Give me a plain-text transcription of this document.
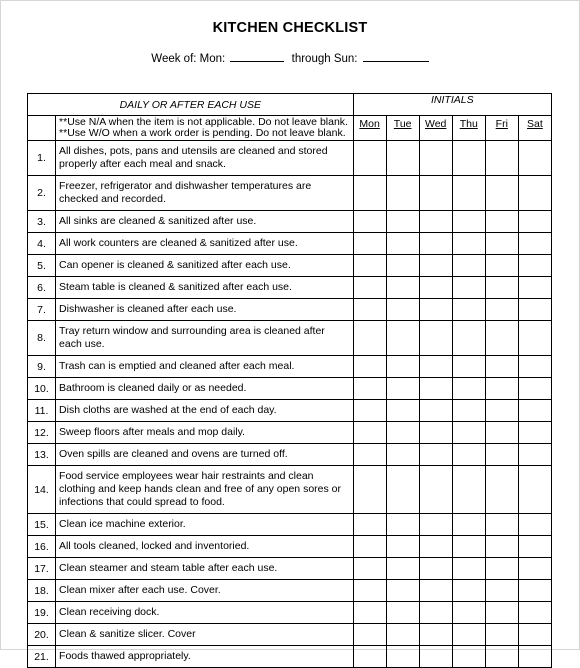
KITCHEN CHECKLIST
Week of: Mon:	through Sun:
DAILY OR AFTER EACH USE		INITIALS					

	**Use N/A when the item is not applicable. Do not leave blank.
**Use W/O when a work order is pending. Do not leave blank.	Mon	Tue	Wed	Thu	Fri	Sat
1.	All dishes, pots, pans and utensils are cleaned and stored properly after each meal and snack.						
2.	Freezer, refrigerator and dishwasher temperatures are checked and recorded.						
3.	All sinks are cleaned & sanitized after use.						
4.	All work counters are cleaned & sanitized after use.						
5.	Can opener is cleaned & sanitized after each use.						
6.	Steam table is cleaned & sanitized after each use.						
7.	Dishwasher is cleaned after each use.						
8.	Tray return window and surrounding area is cleaned after each use.						
9.	Trash can is emptied and cleaned after each meal.						
10.	Bathroom is cleaned daily or as needed.						
11.	Dish cloths are washed at the end of each day.						
12.	Sweep floors after meals and mop daily.						
13.	Oven spills are cleaned and ovens are turned off.						
14.	Food service employees wear hair restraints and clean clothing and keep hands clean and free of any open sores or infections that could spread to food.						
15.	Clean ice machine exterior.						
16.	All tools cleaned, locked and inventoried.						
17.	Clean steamer and steam table after each use.						
18.	Clean mixer after each use. Cover.						
19.	Clean receiving dock.						
20.	Clean & sanitize slicer. Cover						
21.	Foods thawed appropriately.						
